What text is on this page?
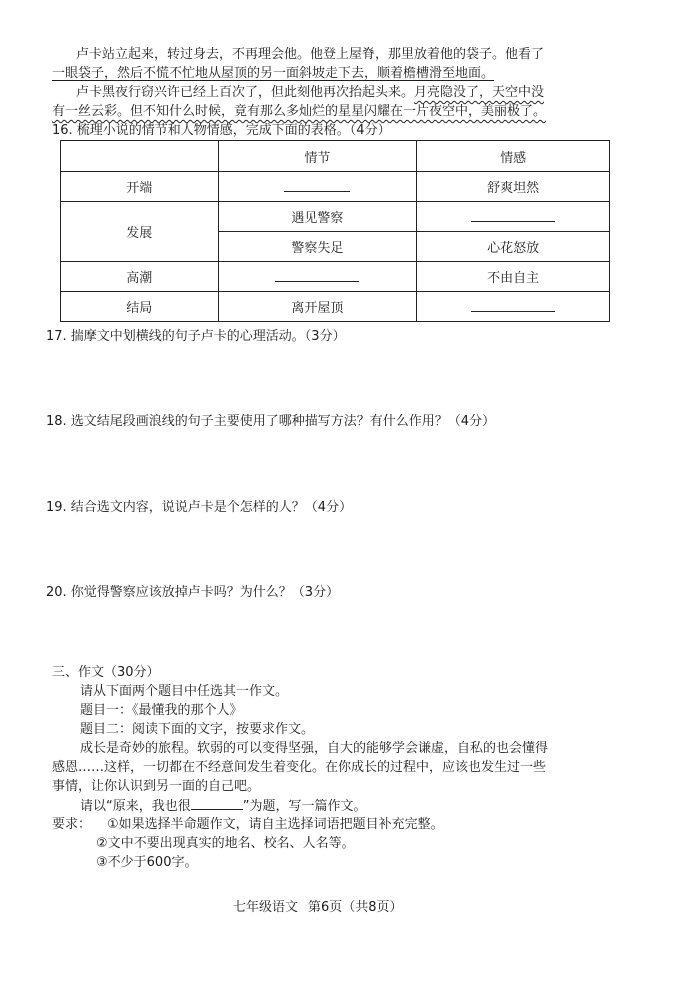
卢卡站立起来，转过身去，不再理会他。他登上屋脊，那里放着他的袋子。他看了
一眼袋子，然后不慌不忙地从屋顶的另一面斜坡走下去，顺着檐槽滑至地面。
卢卡黑夜行窃兴许已经上百次了，但此刻他再次抬起头来。月亮隐没了，天空中没
有一丝云彩。但不知什么时候，竟有那么多灿烂的星星闪耀在一片夜空中，美丽极了。
16. 梳理小说的情节和人物情感，完成下面的表格。（4分）
	情节	情感
开端		舒爽坦然
发展	遇见警察	
	警察失足	心花怒放
高潮		不由自主
结局	离开屋顶	
17. 揣摩文中划横线的句子卢卡的心理活动。（3分）
18. 选文结尾段画浪线的句子主要使用了哪种描写方法？有什么作用？（4分）
19. 结合选文内容，说说卢卡是个怎样的人？（4分）
20. 你觉得警察应该放掉卢卡吗？为什么？（3分）
三、作文（30分）
请从下面两个题目中任选其一作文。
题目一：《最懂我的那个人》
题目二：阅读下面的文字，按要求作文。
成长是奇妙的旅程。软弱的可以变得坚强，自大的能够学会谦虚，自私的也会懂得
感恩……这样，一切都在不经意间发生着变化。在你成长的过程中，应该也发生过一些
事情，让你认识到另一面的自己吧。
请以“原来，我也很	”为题，写一篇作文。
要求： ①如果选择半命题作文，请自主选择词语把题目补充完整。
②文中不要出现真实的地名、校名、人名等。
③不少于600字。
七年级语文 第6页（共8页）
